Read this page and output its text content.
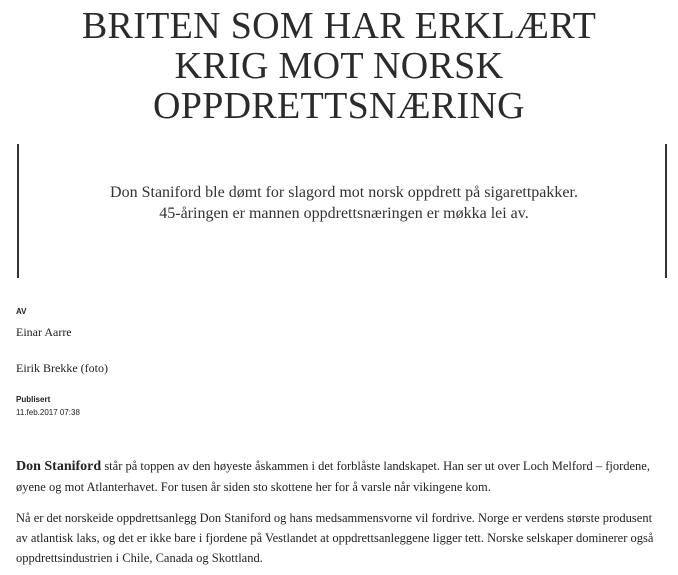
BRITEN SOM HAR ERKLÆRT
KRIG MOT NORSK
OPPDRETTSNÆRING

Don Staniford ble dømt for slagord mot norsk oppdrett på sigarettpakker. 45-åringen er mannen oppdrettsnæringen er møkka lei av.

AV
Einar Aarre
Eirik Brekke (foto)
Publisert
11.feb.2017 07:38

Don Staniford står på toppen av den høyeste åskammen i det forblåste landskapet. Han ser ut over Loch Melford – fjordene, øyene og mot Atlanterhavet. For tusen år siden sto skottene her for å varsle når vikingene kom.

Nå er det norskeide oppdrettsanlegg Don Staniford og hans medsammensvorne vil fordrive. Norge er verdens største produsent av atlantisk laks, og det er ikke bare i fjordene på Vestlandet at oppdrettsanleggene ligger tett. Norske selskaper dominerer også oppdrettsindustrien i Chile, Canada og Skottland.
